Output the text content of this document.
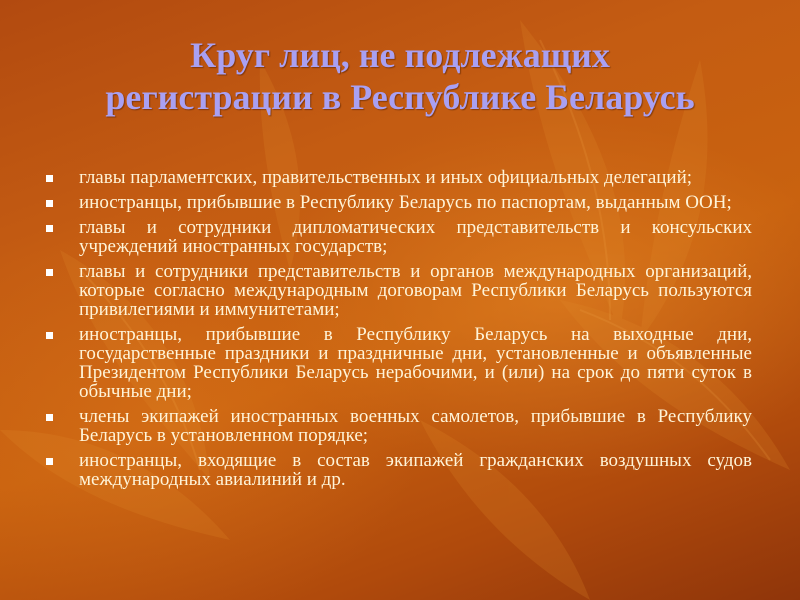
Круг лиц, не подлежащих
регистрации в Республике Беларусь
главы парламентских, правительственных и иных официальных делегаций;
иностранцы, прибывшие в Республику Беларусь по паспортам, выданным ООН;
главы и сотрудники дипломатических представительств и консульских учреждений иностранных государств;
главы и сотрудники представительств и органов международных организаций, которые согласно международным договорам Республики Беларусь пользуются привилегиями и иммунитетами;
иностранцы, прибывшие в Республику Беларусь на выходные дни, государственные праздники и праздничные дни, установленные и объявленные Президентом Республики Беларусь нерабочими, и (или) на срок до пяти суток в обычные дни;
члены экипажей иностранных военных самолетов, прибывшие в Республику Беларусь в установленном порядке;
иностранцы, входящие в состав экипажей гражданских воздушных судов международных авиалиний и др.
